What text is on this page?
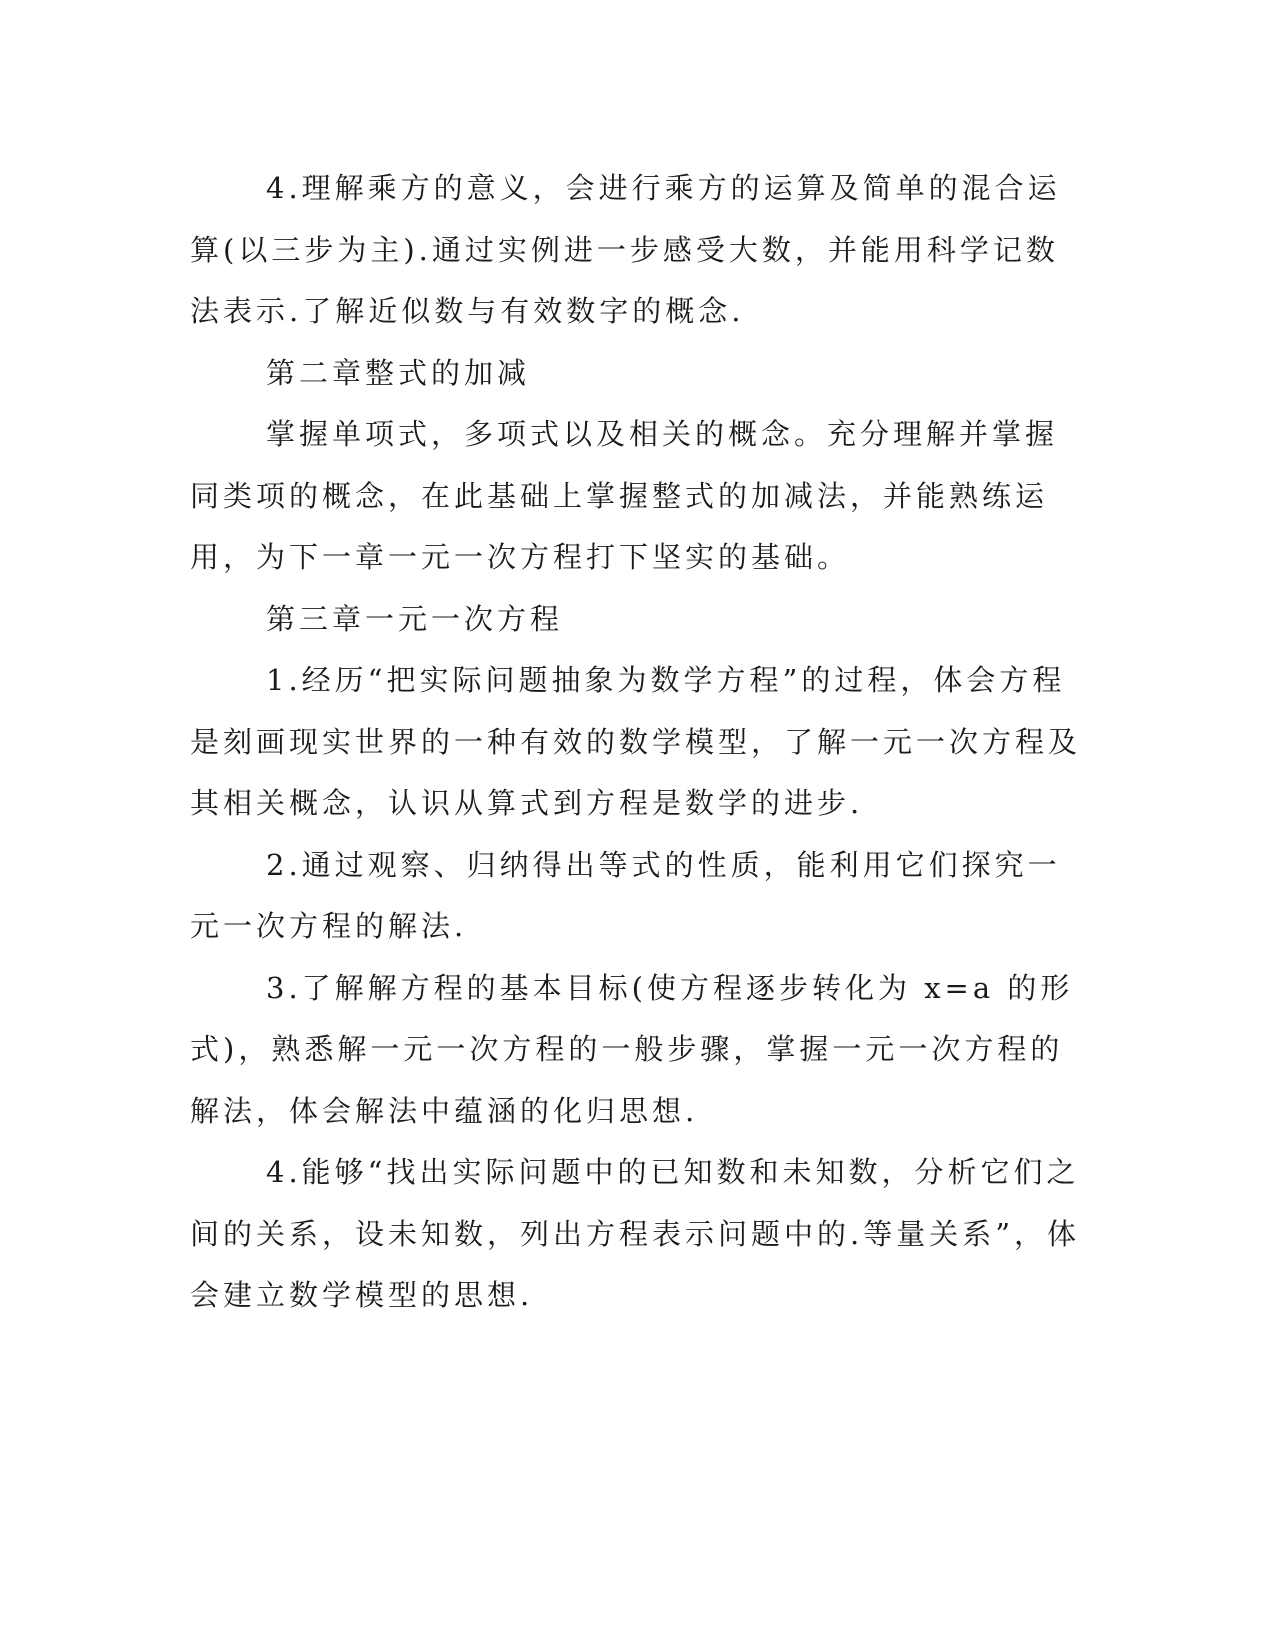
4.理解乘方的意义，会进行乘方的运算及简单的混合运算(以三步为主).通过实例进一步感受大数，并能用科学记数法表示.了解近似数与有效数字的概念.

第二章整式的加减

掌握单项式，多项式以及相关的概念。充分理解并掌握同类项的概念，在此基础上掌握整式的加减法，并能熟练运用，为下一章一元一次方程打下坚实的基础。

第三章一元一次方程

1.经历“把实际问题抽象为数学方程”的过程，体会方程是刻画现实世界的一种有效的数学模型，了解一元一次方程及其相关概念，认识从算式到方程是数学的进步.

2.通过观察、归纳得出等式的性质，能利用它们探究一元一次方程的解法.

3.了解解方程的基本目标(使方程逐步转化为 x=a 的形式)，熟悉解一元一次方程的一般步骤，掌握一元一次方程的解法，体会解法中蕴涵的化归思想.

4.能够“找出实际问题中的已知数和未知数，分析它们之间的关系，设未知数，列出方程表示问题中的.等量关系”，体会建立数学模型的思想.
